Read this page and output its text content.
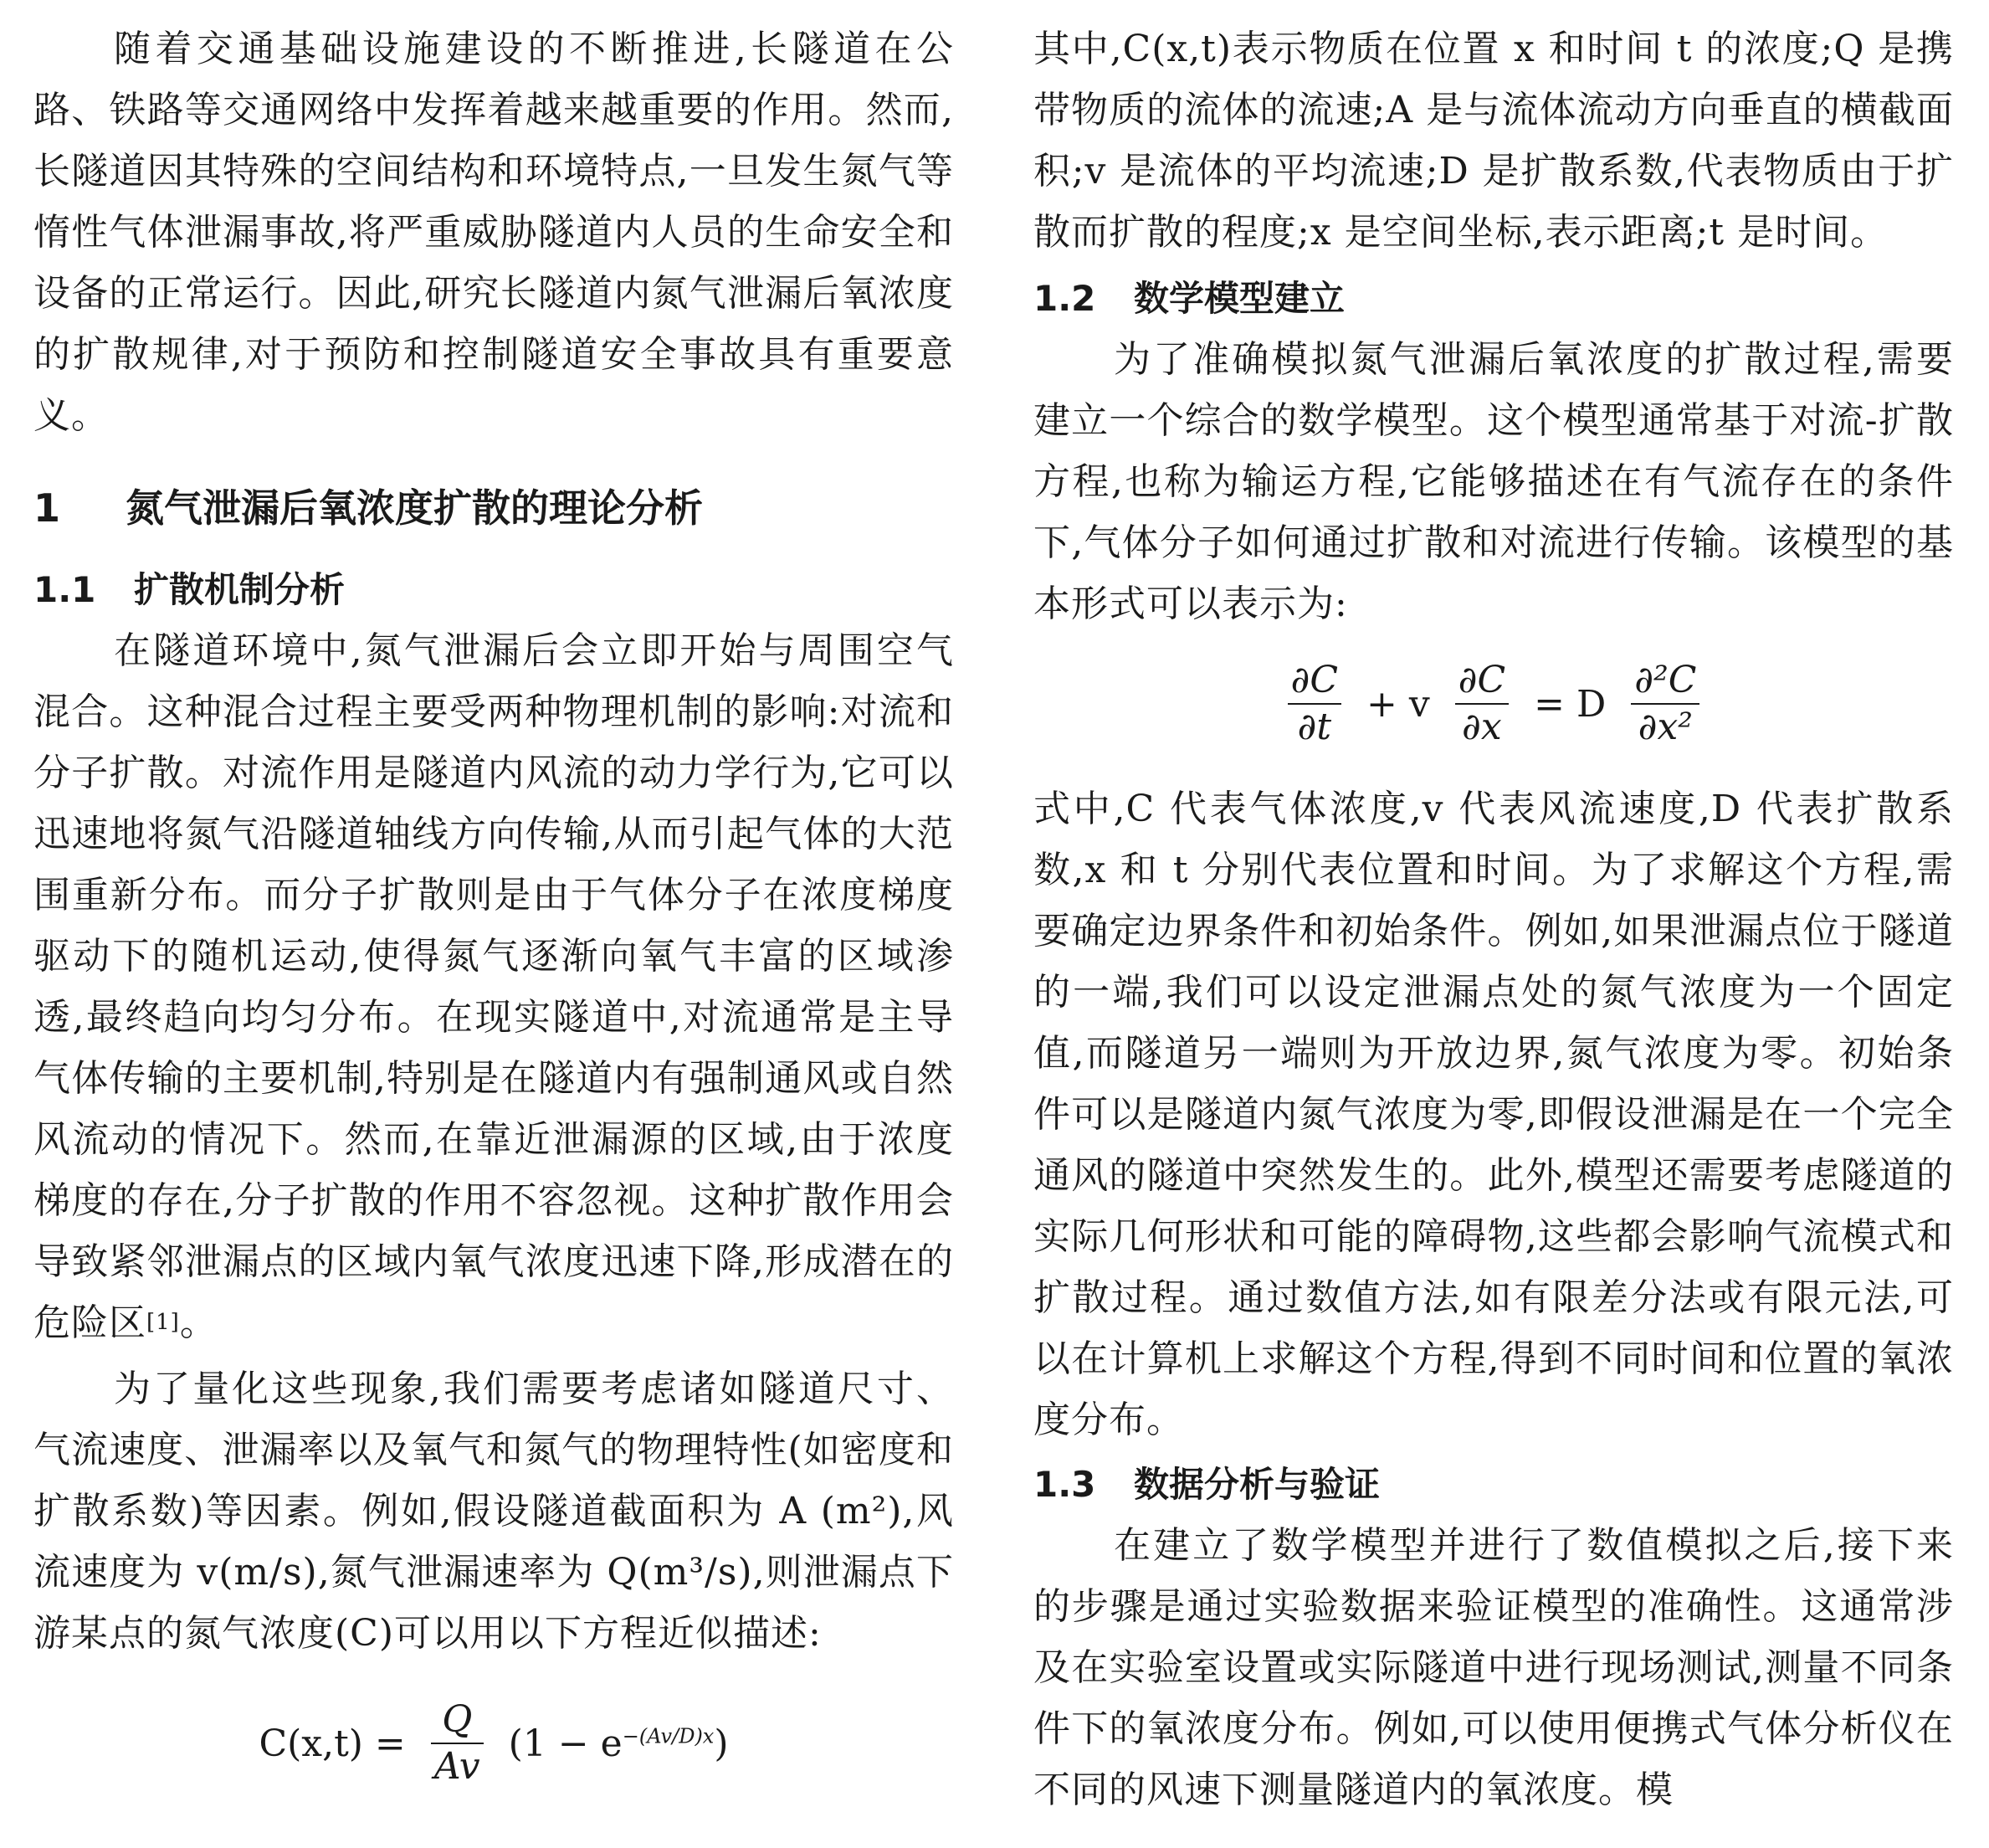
随着交通基础设施建设的不断推进,长隧道在公路、铁路等交通网络中发挥着越来越重要的作用。然而,长隧道因其特殊的空间结构和环境特点,一旦发生氮气等惰性气体泄漏事故,将严重威胁隧道内人员的生命安全和设备的正常运行。因此,研究长隧道内氮气泄漏后氧浓度的扩散规律,对于预防和控制隧道安全事故具有重要意义。

1 氮气泄漏后氧浓度扩散的理论分析
1.1 扩散机制分析

在隧道环境中,氮气泄漏后会立即开始与周围空气混合。这种混合过程主要受两种物理机制的影响:对流和分子扩散。对流作用是隧道内风流的动力学行为,它可以迅速地将氮气沿隧道轴线方向传输,从而引起气体的大范围重新分布。而分子扩散则是由于气体分子在浓度梯度驱动下的随机运动,使得氮气逐渐向氧气丰富的区域渗透,最终趋向均匀分布。在现实隧道中,对流通常是主导气体传输的主要机制,特别是在隧道内有强制通风或自然风流动的情况下。然而,在靠近泄漏源的区域,由于浓度梯度的存在,分子扩散的作用不容忽视。这种扩散作用会导致紧邻泄漏点的区域内氧气浓度迅速下降,形成潜在的危险区[1]。

为了量化这些现象,我们需要考虑诸如隧道尺寸、气流速度、泄漏率以及氧气和氮气的物理特性(如密度和扩散系数)等因素。例如,假设隧道截面积为 A (m²),风流速度为 v(m/s),氮气泄漏速率为 Q(m³/s),则泄漏点下游某点的氮气浓度(C)可以用以下方程近似描述:

$C(x,t) = \frac{Q}{Av} (1 - e^{-(Av/D)x})$

其中,C(x,t)表示物质在位置 x 和时间 t 的浓度;Q 是携带物质的流体的流速;A 是与流体流动方向垂直的横截面积;v 是流体的平均流速;D 是扩散系数,代表物质由于扩散而扩散的程度;x 是空间坐标,表示距离;t 是时间。

1.2 数学模型建立

为了准确模拟氮气泄漏后氧浓度的扩散过程,需要建立一个综合的数学模型。这个模型通常基于对流-扩散方程,也称为输运方程,它能够描述在有气流存在的条件下,气体分子如何通过扩散和对流进行传输。该模型的基本形式可以表示为:

$\frac{\partial C}{\partial t} + v \frac{\partial C}{\partial x} = D \frac{\text{∂²C}}{\text{∂x²}}$

式中,C 代表气体浓度,v 代表风流速度,D 代表扩散系数,x 和 t 分别代表位置和时间。为了求解这个方程,需要确定边界条件和初始条件。例如,如果泄漏点位于隧道的一端,我们可以设定泄漏点处的氮气浓度为一个固定值,而隧道另一端则为开放边界,氮气浓度为零。初始条件可以是隧道内氮气浓度为零,即假设泄漏是在一个完全通风的隧道中突然发生的。此外,模型还需要考虑隧道的实际几何形状和可能的障碍物,这些都会影响气流模式和扩散过程。通过数值方法,如有限差分法或有限元法,可以在计算机上求解这个方程,得到不同时间和位置的氧浓度分布。

1.3 数据分析与验证

在建立了数学模型并进行了数值模拟之后,接下来的步骤是通过实验数据来验证模型的准确性。这通常涉及在实验室设置或实际隧道中进行现场测试,测量不同条件下的氧浓度分布。例如,可以使用便携式气体分析仪在不同的风速下测量隧道内的氧浓度。模
